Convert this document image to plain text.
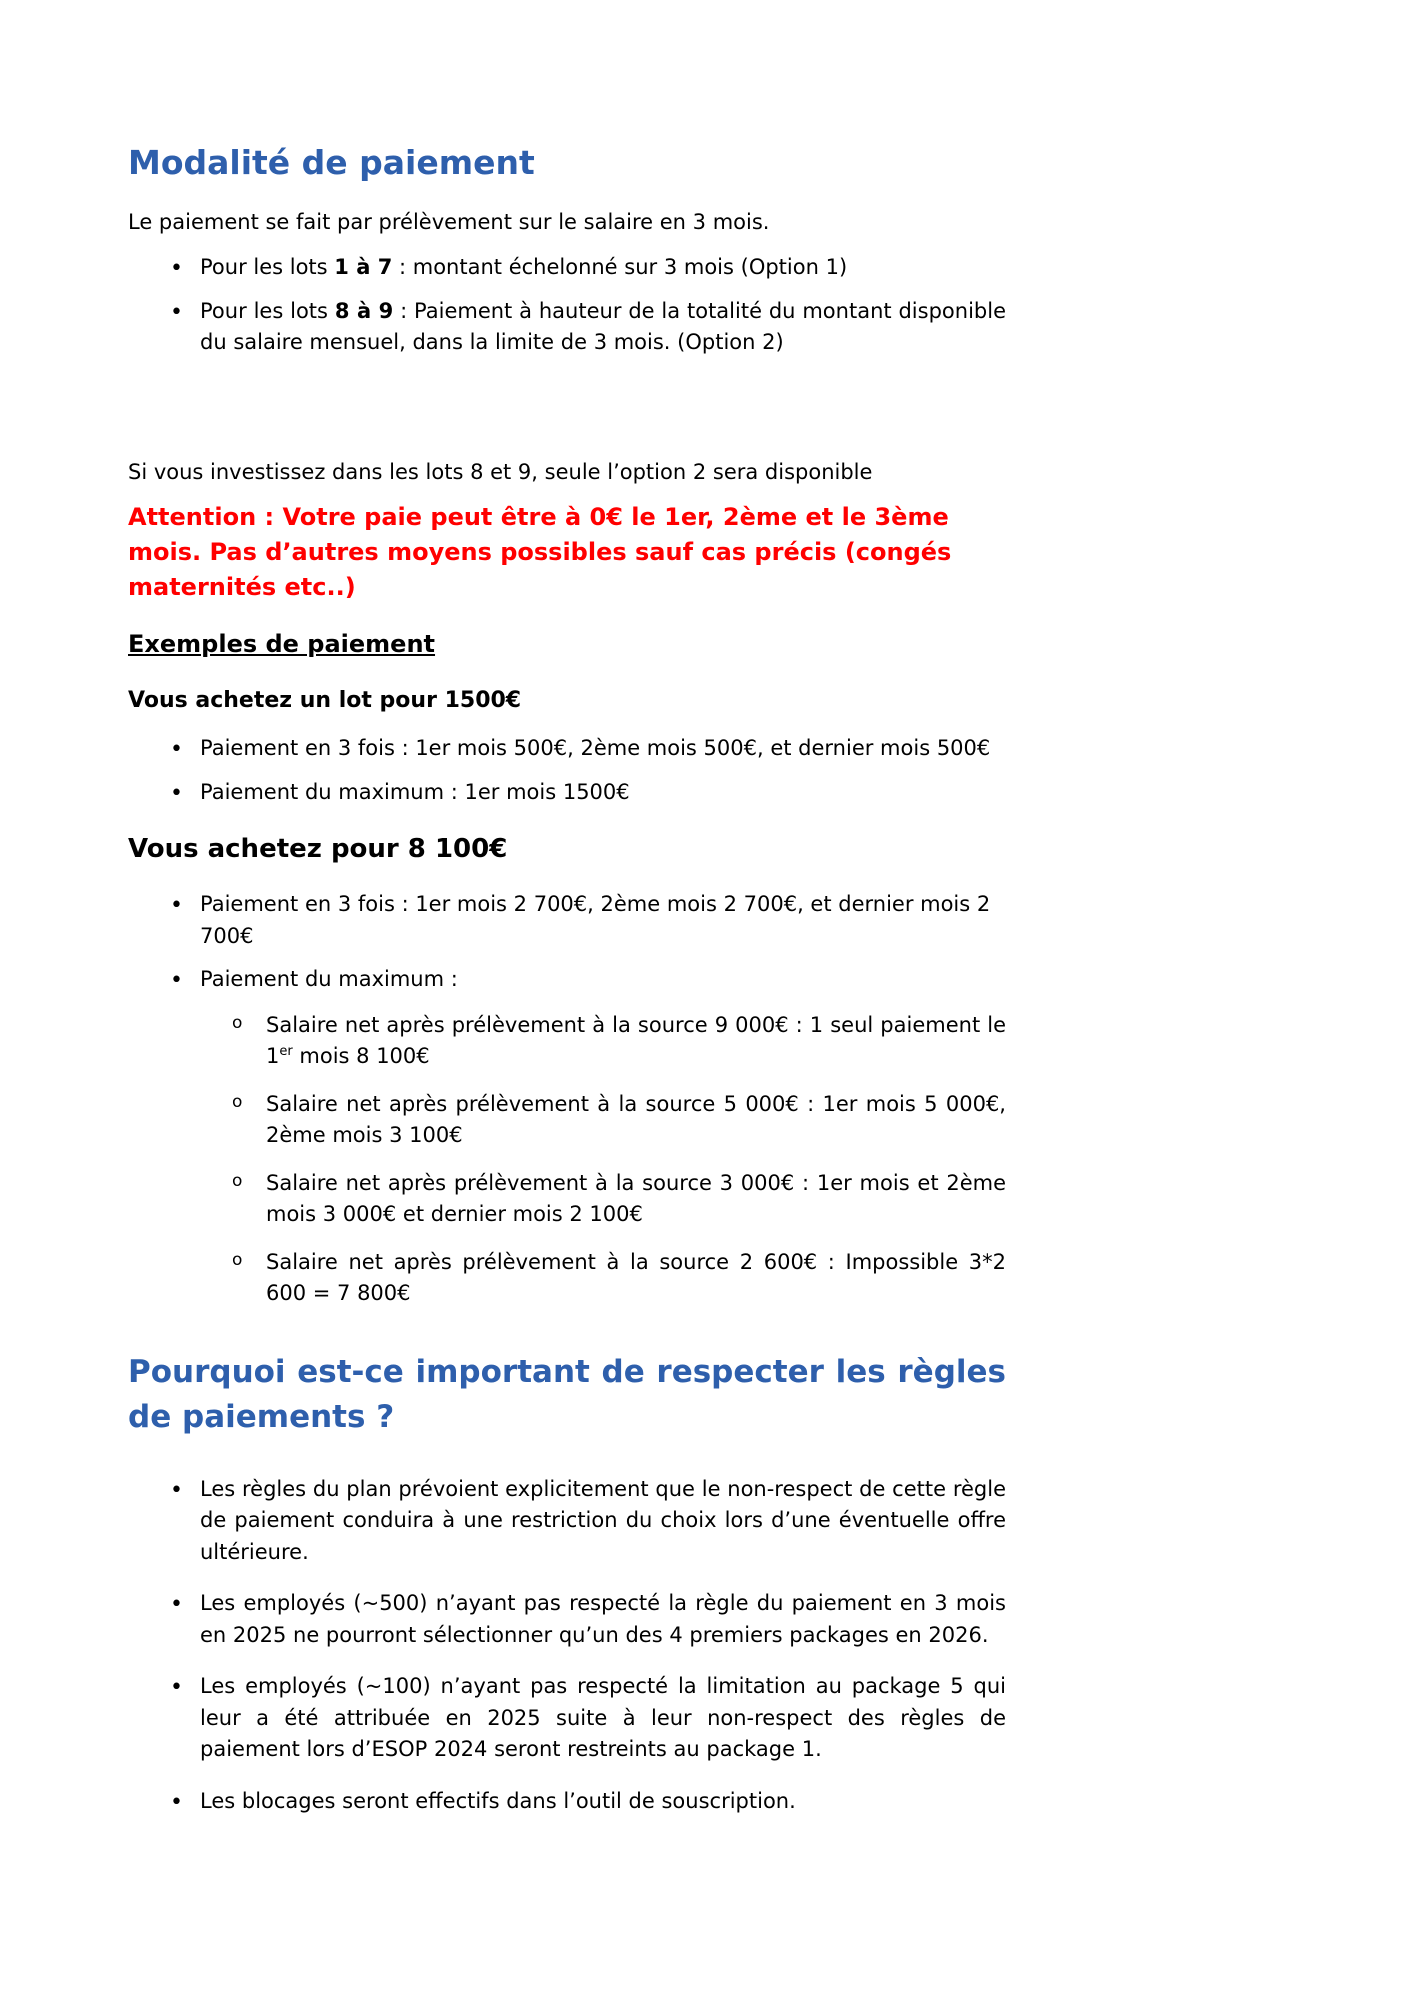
Modalité de paiement

Le paiement se fait par prélèvement sur le salaire en 3 mois.

• Pour les lots 1 à 7 : montant échelonné sur 3 mois (Option 1)
• Pour les lots 8 à 9 : Paiement à hauteur de la totalité du montant disponible du salaire mensuel, dans la limite de 3 mois. (Option 2)

Si vous investissez dans les lots 8 et 9, seule l’option 2 sera disponible

Attention : Votre paie peut être à 0€ le 1er, 2ème et le 3ème mois. Pas d’autres moyens possibles sauf cas précis (congés maternités etc..)

Exemples de paiement
Vous achetez un lot pour 1500€
• Paiement en 3 fois : 1er mois 500€, 2ème mois 500€, et dernier mois 500€
• Paiement du maximum : 1er mois 1500€
Vous achetez pour 8 100€
• Paiement en 3 fois : 1er mois 2 700€, 2ème mois 2 700€, et dernier mois 2 700€
• Paiement du maximum :
o Salaire net après prélèvement à la source 9 000€ : 1 seul paiement le 1er mois 8 100€
o Salaire net après prélèvement à la source 5 000€ : 1er mois 5 000€, 2ème mois 3 100€
o Salaire net après prélèvement à la source 3 000€ : 1er mois et 2ème mois 3 000€ et dernier mois 2 100€
o Salaire net après prélèvement à la source 2 600€ : Impossible 3*2 600 = 7 800€
Pourquoi est-ce important de respecter les règles de paiements ?
• Les règles du plan prévoient explicitement que le non-respect de cette règle de paiement conduira à une restriction du choix lors d’une éventuelle offre ultérieure.
• Les employés (~500) n’ayant pas respecté la règle du paiement en 3 mois en 2025 ne pourront sélectionner qu’un des 4 premiers packages en 2026.
• Les employés (~100) n’ayant pas respecté la limitation au package 5 qui leur a été attribuée en 2025 suite à leur non-respect des règles de paiement lors d’ESOP 2024 seront restreints au package 1.
• Les blocages seront effectifs dans l’outil de souscription.
